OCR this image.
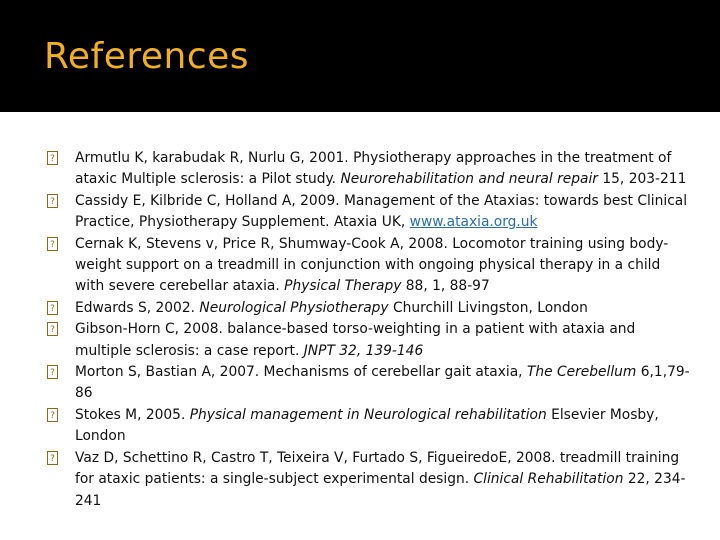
References
?
Armutlu K, karabudak R, Nurlu G, 2001. Physiotherapy approaches in the treatment of ataxic Multiple sclerosis: a Pilot study. Neurorehabilitation and neural repair 15, 203-211
?
Cassidy E, Kilbride C, Holland A, 2009. Management of the Ataxias: towards best Clinical Practice, Physiotherapy Supplement. Ataxia UK, www.ataxia.org.uk
?
Cernak K, Stevens v, Price R, Shumway-Cook A, 2008. Locomotor training using body-weight support on a treadmill in conjunction with ongoing physical therapy in a child with severe cerebellar ataxia. Physical Therapy 88, 1, 88-97
?
Edwards S, 2002. Neurological Physiotherapy Churchill Livingston, London
?
Gibson-Horn C, 2008. balance-based torso-weighting in a patient with ataxia and multiple sclerosis: a case report. JNPT 32, 139-146
?
Morton S, Bastian A, 2007. Mechanisms of cerebellar gait ataxia, The Cerebellum 6,1,79-86
?
Stokes M, 2005. Physical management in Neurological rehabilitation Elsevier Mosby, London
?
Vaz D, Schettino R, Castro T, Teixeira V, Furtado S, FigueiredoE, 2008. treadmill training for ataxic patients: a single-subject experimental design. Clinical Rehabilitation 22, 234-241
